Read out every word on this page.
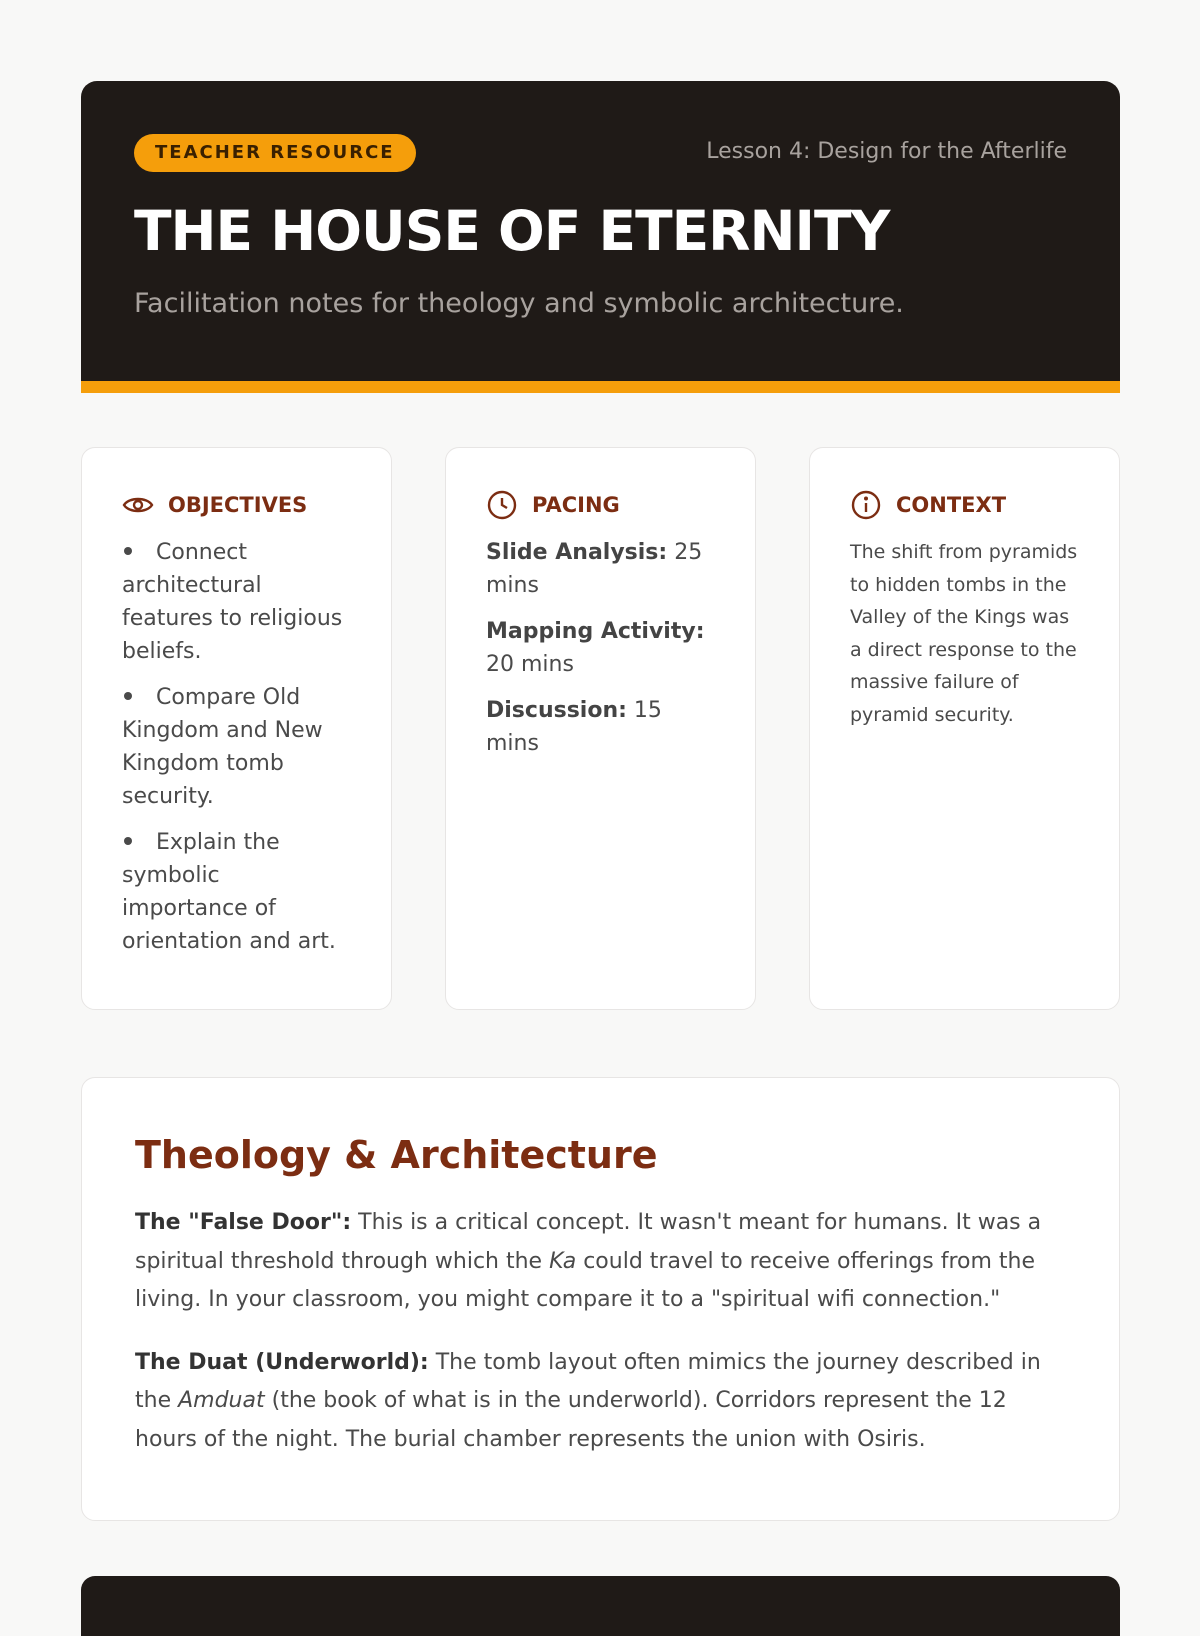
TEACHER RESOURCE	Lesson 4: Design for the Afterlife
THE HOUSE OF ETERNITY

Facilitation notes for theology and symbolic architecture.

OBJECTIVES
Connect architectural features to religious beliefs.
Compare Old Kingdom and New Kingdom tomb security.
Explain the symbolic importance of orientation and art.
PACING

Slide Analysis: 25 mins

Mapping Activity: 20 mins

Discussion: 15 mins

CONTEXT

The shift from pyramids to hidden tombs in the Valley of the Kings was a direct response to the massive failure of pyramid security.

Theology & Architecture

The "False Door": This is a critical concept. It wasn't meant for humans. It was a spiritual threshold through which the Ka could travel to receive offerings from the living. In your classroom, you might compare it to a "spiritual wifi connection."

The Duat (Underworld): The tomb layout often mimics the journey described in the Amduat (the book of what is in the underworld). Corridors represent the 12 hours of the night. The burial chamber represents the union with Osiris.
